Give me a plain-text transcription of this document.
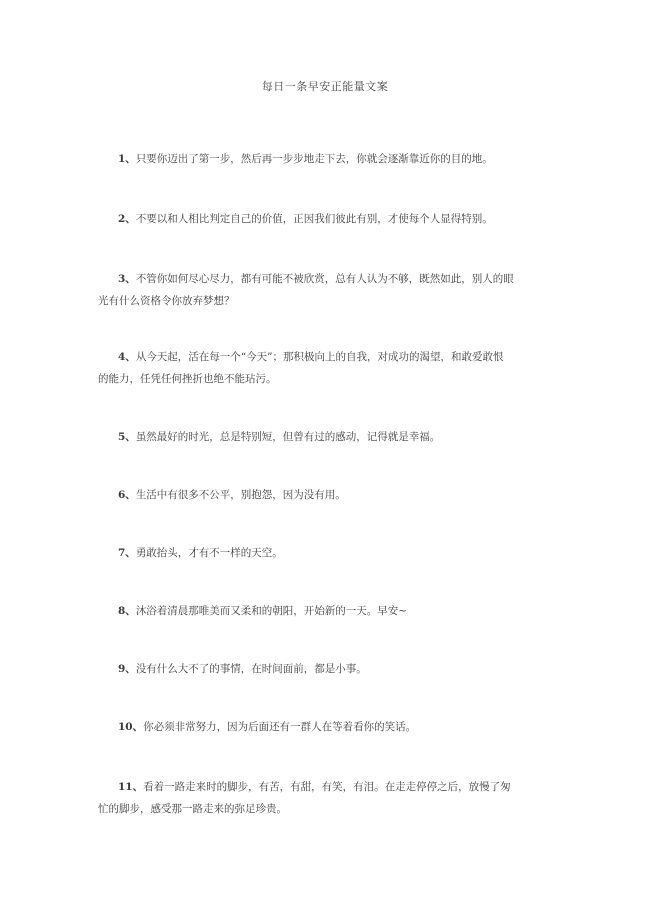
每日一条早安正能量文案
1、只要你迈出了第一步，然后再一步步地走下去，你就会逐渐靠近你的目的地。
2、不要以和人相比判定自己的价值，正因我们彼此有别，才使每个人显得特别。
3、不管你如何尽心尽力，都有可能不被欣赏，总有人认为不够，既然如此，别人的眼
光有什么资格令你放弃梦想？
4、从今天起，活在每一个“今天”；那积极向上的自我，对成功的渴望，和敢爱敢恨
的能力，任凭任何挫折也绝不能玷污。
5、虽然最好的时光，总是特别短，但曾有过的感动，记得就是幸福。
6、生活中有很多不公平，别抱怨，因为没有用。
7、勇敢抬头，才有不一样的天空。
8、沐浴着清晨那唯美而又柔和的朝阳，开始新的一天。早安~
9、没有什么大不了的事情，在时间面前，都是小事。
10、你必须非常努力，因为后面还有一群人在等着看你的笑话。
11、看着一路走来时的脚步，有苦，有甜，有笑，有泪。在走走停停之后，放慢了匆
忙的脚步，感受那一路走来的弥足珍贵。
